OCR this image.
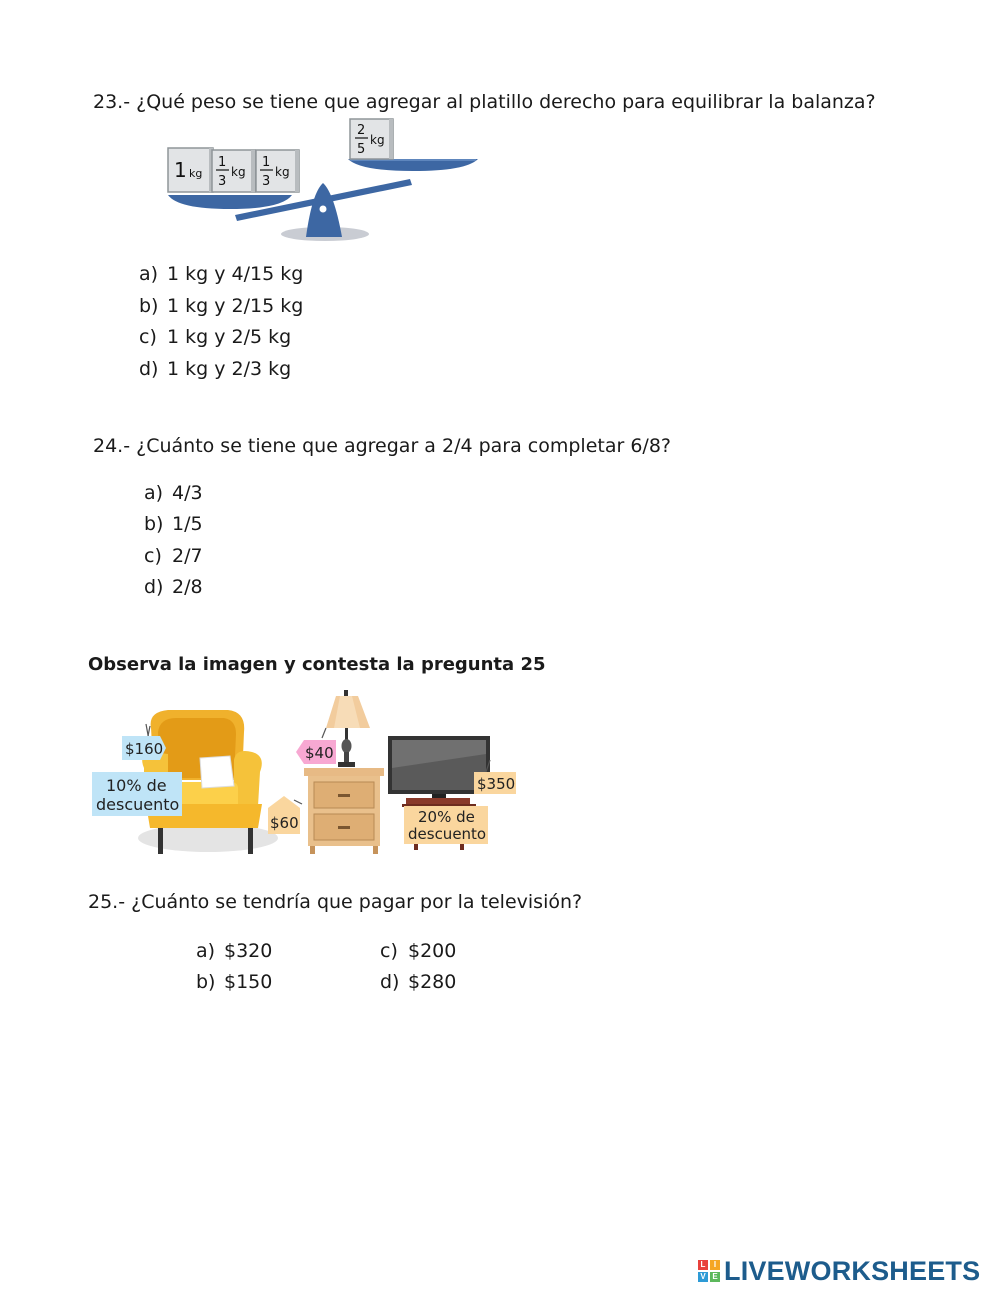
23.- ¿Qué peso se tiene que agregar al platillo derecho para equilibrar la balanza?
1 kg
1
3
kg
1
3
kg
2
5
kg
a) 1 kg y 4/15 kg
b) 1 kg y 2/15 kg
c) 1 kg y 2/5 kg
d) 1 kg y 2/3 kg
24.- ¿Cuánto se tiene que agregar a 2/4 para completar 6/8?
a) 4/3
b) 1/5
c) 2/7
d) 2/8
Observa la imagen y contesta la pregunta 25
$160
10% de
descuento
$40
$60
$350
20% de
descuento
25.- ¿Cuánto se tendría que pagar por la televisión?
a) $320
b) $150
c) $200
d) $280
L	I
V E LIVEWORKSHEETS
